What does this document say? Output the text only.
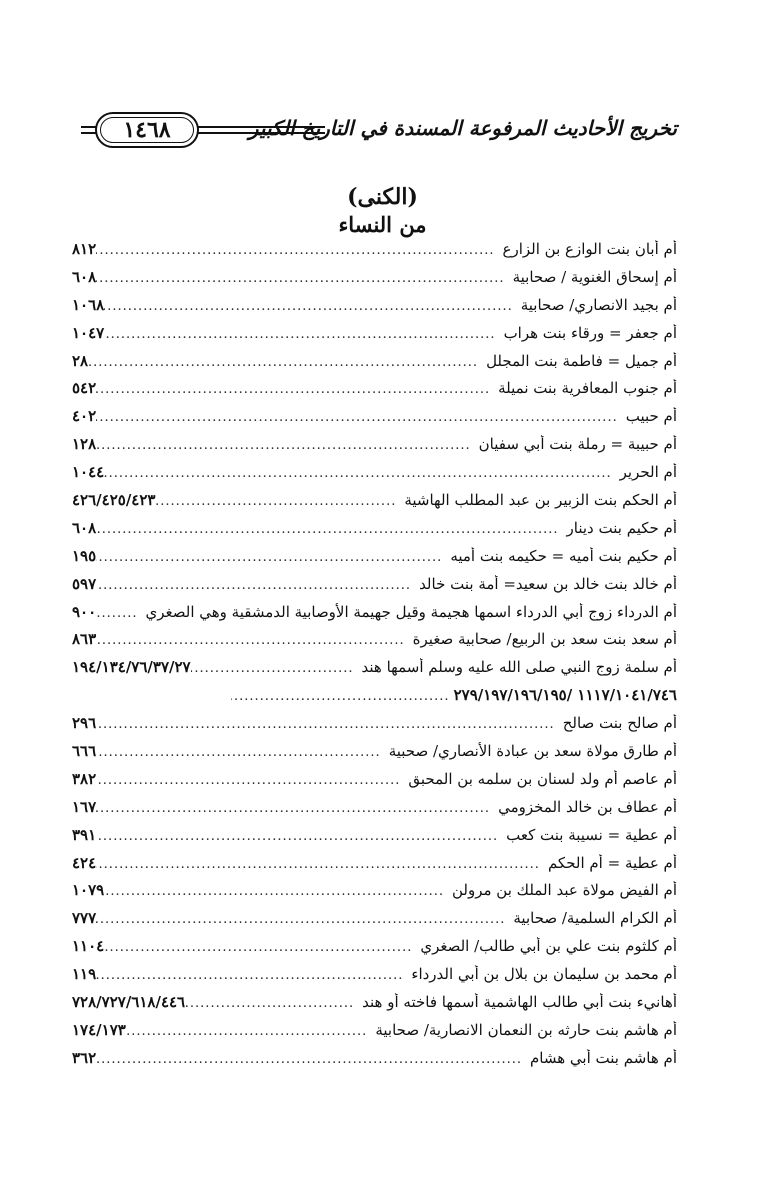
١٤٦٨	تخريج الأحاديث المرفوعة المسندة في التاريخ الكبير
(الكنى)
من النساء
أم أبان بنت الوازع بن الزارع
.....
٨١٢
أم إسحاق الغنوية / صحابية
.....
٦٠٨
أم بجيد الانصاري/ صحابية
.....
١٠٦٨
أم جعفر = ورقاء بنت هراب
.....
١٠٤٧
أم جميل = فاطمة بنت المجلل
.....
٢٨
أم جنوب المعافرية بنت نميلة
.....
٥٤٢
أم حبيب
.....
٤٠٢
أم حبيبة = رملة بنت أبي سفيان
.....
١٢٨
أم الحرير
.....
١٠٤٤
أم الحكم بنت الزبير بن عبد المطلب الهاشية
.....
٤٢٦/٤٢٥/٤٢٣
أم حكيم بنت دينار
.....
٦٠٨
أم حكيم بنت أميه = حكيمه بنت أميه
.....
١٩٥
أم خالد بنت خالد بن سعيد= أمة بنت خالد
.....
٥٩٧
أم الدرداء زوج أبي الدرداء اسمها هجيمة وقيل جهيمة الأوصابية الدمشقية وهي الصغري
.....
٩٠٠
أم سعد بنت سعد بن الربيع/ صحابية صغيرة
.....
٨٦٣
أم سلمة زوج النبي صلى الله عليه وسلم أسمها هند
.....
١٩٤/١٣٤/٧٦/٣٧/٢٧
١١١٧/١٠٤١/٧٤٦ /٢٧٩/١٩٧/١٩٦/١٩٥
.....
أم صالح بنت صالح
.....
٢٩٦
أم طارق مولاة سعد بن عبادة الأنصاري/ صحبية
.....
٦٦٦
أم عاصم أم ولد لسنان بن سلمه بن المحبق
.....
٣٨٢
أم عطاف بن خالد المخزومي
.....
١٦٧
أم عطية = نسيبة بنت كعب
.....
٣٩١
أم عطية = أم الحكم
.....
٤٢٤
أم الفيض مولاة عبد الملك بن مرولن
.....
١٠٧٩
أم الكرام السلمية/ صحابية
.....
٧٧٧
أم كلثوم بنت علي بن أبي طالب/ الصغري
.....
١١٠٤
أم محمد بن سليمان بن بلال بن أبي الدرداء
.....
١١٩
أهانيء بنت أبي طالب الهاشمية أسمها فاخته أو هند
.....
٧٢٨/٧٢٧/٦١٨/٤٤٦
أم هاشم بنت حارثه بن النعمان الانصارية/ صحابية
.....
١٧٤/١٧٣
أم هاشم بنت أبي هشام
.....
٣٦٢
